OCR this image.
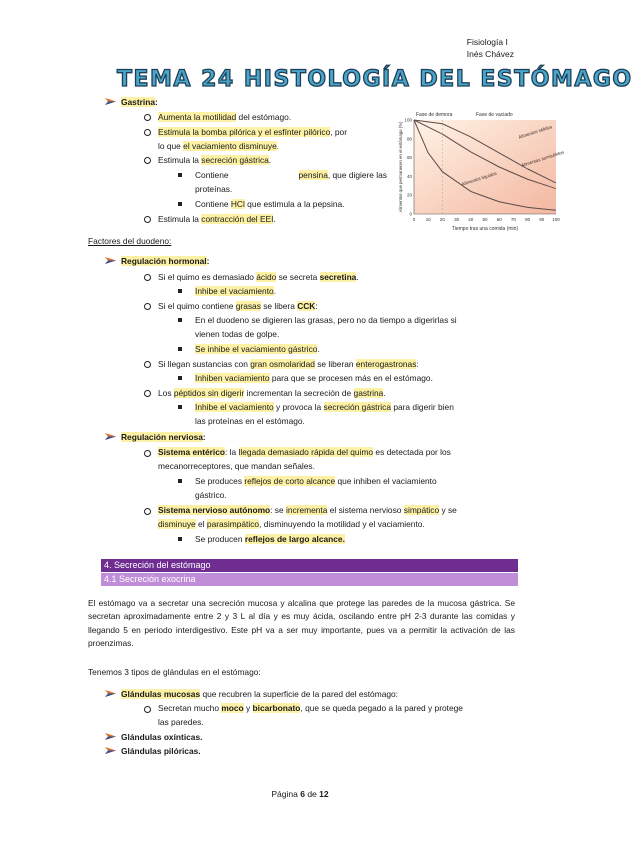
Fisiología I
Inés Chávez
TEMA 24 HISTOLOGÍA DEL ESTÓMAGO
Gastrina:
Aumenta la motilidad del estómago.
Estimula la bomba pilórica y el esfínter pilórico, por
lo que el vaciamiento disminuye.
Estimula la secreción gástrica.
Contiene	pensina, que digiere las
proteínas.
Contiene HCl que estimula a la pepsina.
Estimula la contracción del EEI.
Fase de demora	Fase de vaciado
Alimentos sólidos
Alimentos semisólidos
Alimentos líquidos
0 10 20 30 40 50 60 70 80 90 100
0
20
40
60
80
100
Tiempo tras una comida (min)
Alimentos que permanecen en el estómago (%)
Factores del duodeno:
Regulación hormonal:
Si el quimo es demasiado ácido se secreta secretina.
Inhibe el vaciamiento.
Si el quimo contiene grasas se libera CCK:
En el duodeno se digieren las grasas, pero no da tiempo a digerirlas si
vienen todas de golpe.
Se inhibe el vaciamiento gástrico.
Si llegan sustancias con gran osmolaridad se liberan enterogastronas:
Inhiben vaciamiento para que se procesen más en el estómago.
Los péptidos sin digerir incrementan la secreción de gastrina.
Inhibe el vaciamiento y provoca la secreción gástrica para digerir bien
las proteínas en el estómago.
Regulación nerviosa:
Sistema entérico: la llegada demasiado rápida del quimo es detectada por los
mecanorreceptores, que mandan señales.
Se produces reflejos de corto alcance que inhiben el vaciamiento
gástrico.
Sistema nervioso autónomo: se incrementa el sistema nervioso simpático y se
disminuye el parasimpático, disminuyendo la motilidad y el vaciamiento.
Se producen reflejos de largo alcance.
4. Secreción del estómago
4.1 Secreción exocrina
El estómago va a secretar una secreción mucosa y alcalina que protege las paredes de la mucosa gástrica. Se secretan aproximadamente entre 2 y 3 L al día y es muy ácida, oscilando entre pH 2-3 durante las comidas y llegando 5 en periodo interdigestivo. Este pH va a ser muy importante, pues va a permitir la activación de las proenzimas.
Tenemos 3 tipos de glándulas en el estómago:
Glándulas mucosas que recubren la superficie de la pared del estómago:
Secretan mucho moco y bicarbonato, que se queda pegado a la pared y protege
las paredes.
Glándulas oxínticas.
Glándulas pilóricas.
Página 6 de 12
